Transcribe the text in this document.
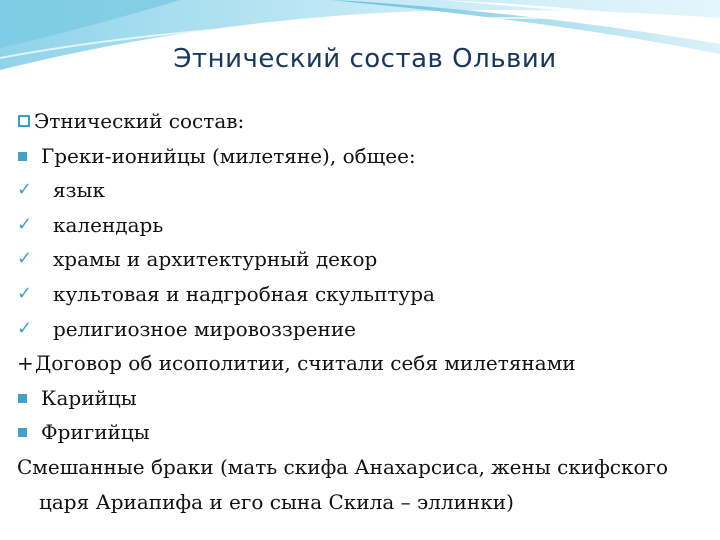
Этнический состав Ольвии
Этнический состав:
Греки-ионийцы (милетяне), общее:
✓ язык
✓ календарь
✓ храмы и архитектурный декор
✓ культовая и надгробная скульптура
✓ религиозное мировоззрение
+ Договор об исополитии, считали себя милетянами
Карийцы
Фригийцы
Смешанные браки (мать скифа Анахарсиса, жены скифского
царя Ариапифа и его сына Скила – эллинки)
